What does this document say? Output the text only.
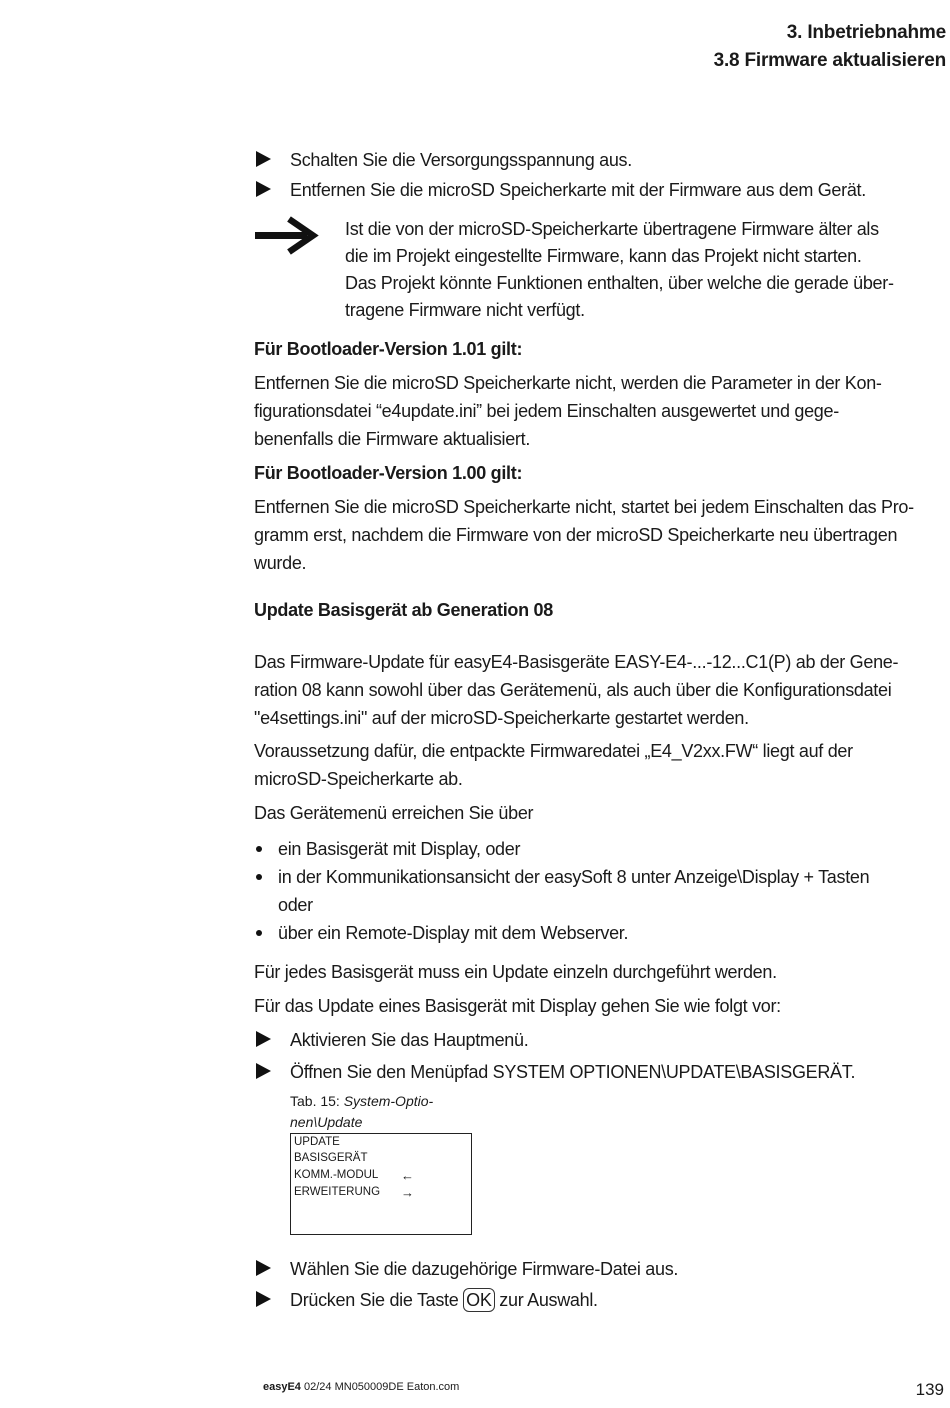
3. Inbetriebnahme
3.8 Firmware aktualisieren
Schalten Sie die Versorgungsspannung aus.
Entfernen Sie die microSD Speicherkarte mit der Firmware aus dem Gerät.
Ist die von der microSD-Speicherkarte übertragene Firmware älter als
die im Projekt eingestellte Firmware, kann das Projekt nicht starten.
Das Projekt könnte Funktionen enthalten, über welche die gerade über-
tragene Firmware nicht verfügt.
Für Bootloader-Version 1.01 gilt:
Entfernen Sie die microSD Speicherkarte nicht, werden die Parameter in der Kon-
figurationsdatei “e4update.ini” bei jedem Einschalten ausgewertet und gege-
benenfalls die Firmware aktualisiert.
Für Bootloader-Version 1.00 gilt:
Entfernen Sie die microSD Speicherkarte nicht, startet bei jedem Einschalten das Pro-
gramm erst, nachdem die Firmware von der microSD Speicherkarte neu übertragen
wurde.
Update Basisgerät ab Generation 08
Das Firmware-Update für easyE4-Basisgeräte EASY-E4-...-12...C1(P) ab der Gene-
ration 08 kann sowohl über das Gerätemenü, als auch über die Konfigurationsdatei
"e4settings.ini" auf der microSD-Speicherkarte gestartet werden.
Voraussetzung dafür, die entpackte Firmwaredatei „E4_V2xx.FW“ liegt auf der
microSD-Speicherkarte ab.
Das Gerätemenü erreichen Sie über
ein Basisgerät mit Display, oder
in der Kommunikationsansicht der easySoft 8 unter Anzeige\Display + Tasten
oder
über ein Remote-Display mit dem Webserver.
Für jedes Basisgerät muss ein Update einzeln durchgeführt werden.
Für das Update eines Basisgerät mit Display gehen Sie wie folgt vor:
Aktivieren Sie das Hauptmenü.
Öffnen Sie den Menüpfad SYSTEM OPTIONEN\UPDATE\BASISGERÄT.
Tab. 15: System-Optio-
nen\Update
UPDATE
BASISGERÄT
KOMM.-MODUL ←
ERWEITERUNG →
Wählen Sie die dazugehörige Firmware-Datei aus.
Drücken Sie die Taste OK zur Auswahl.
easyE4 02/24 MN050009DE Eaton.com	139
